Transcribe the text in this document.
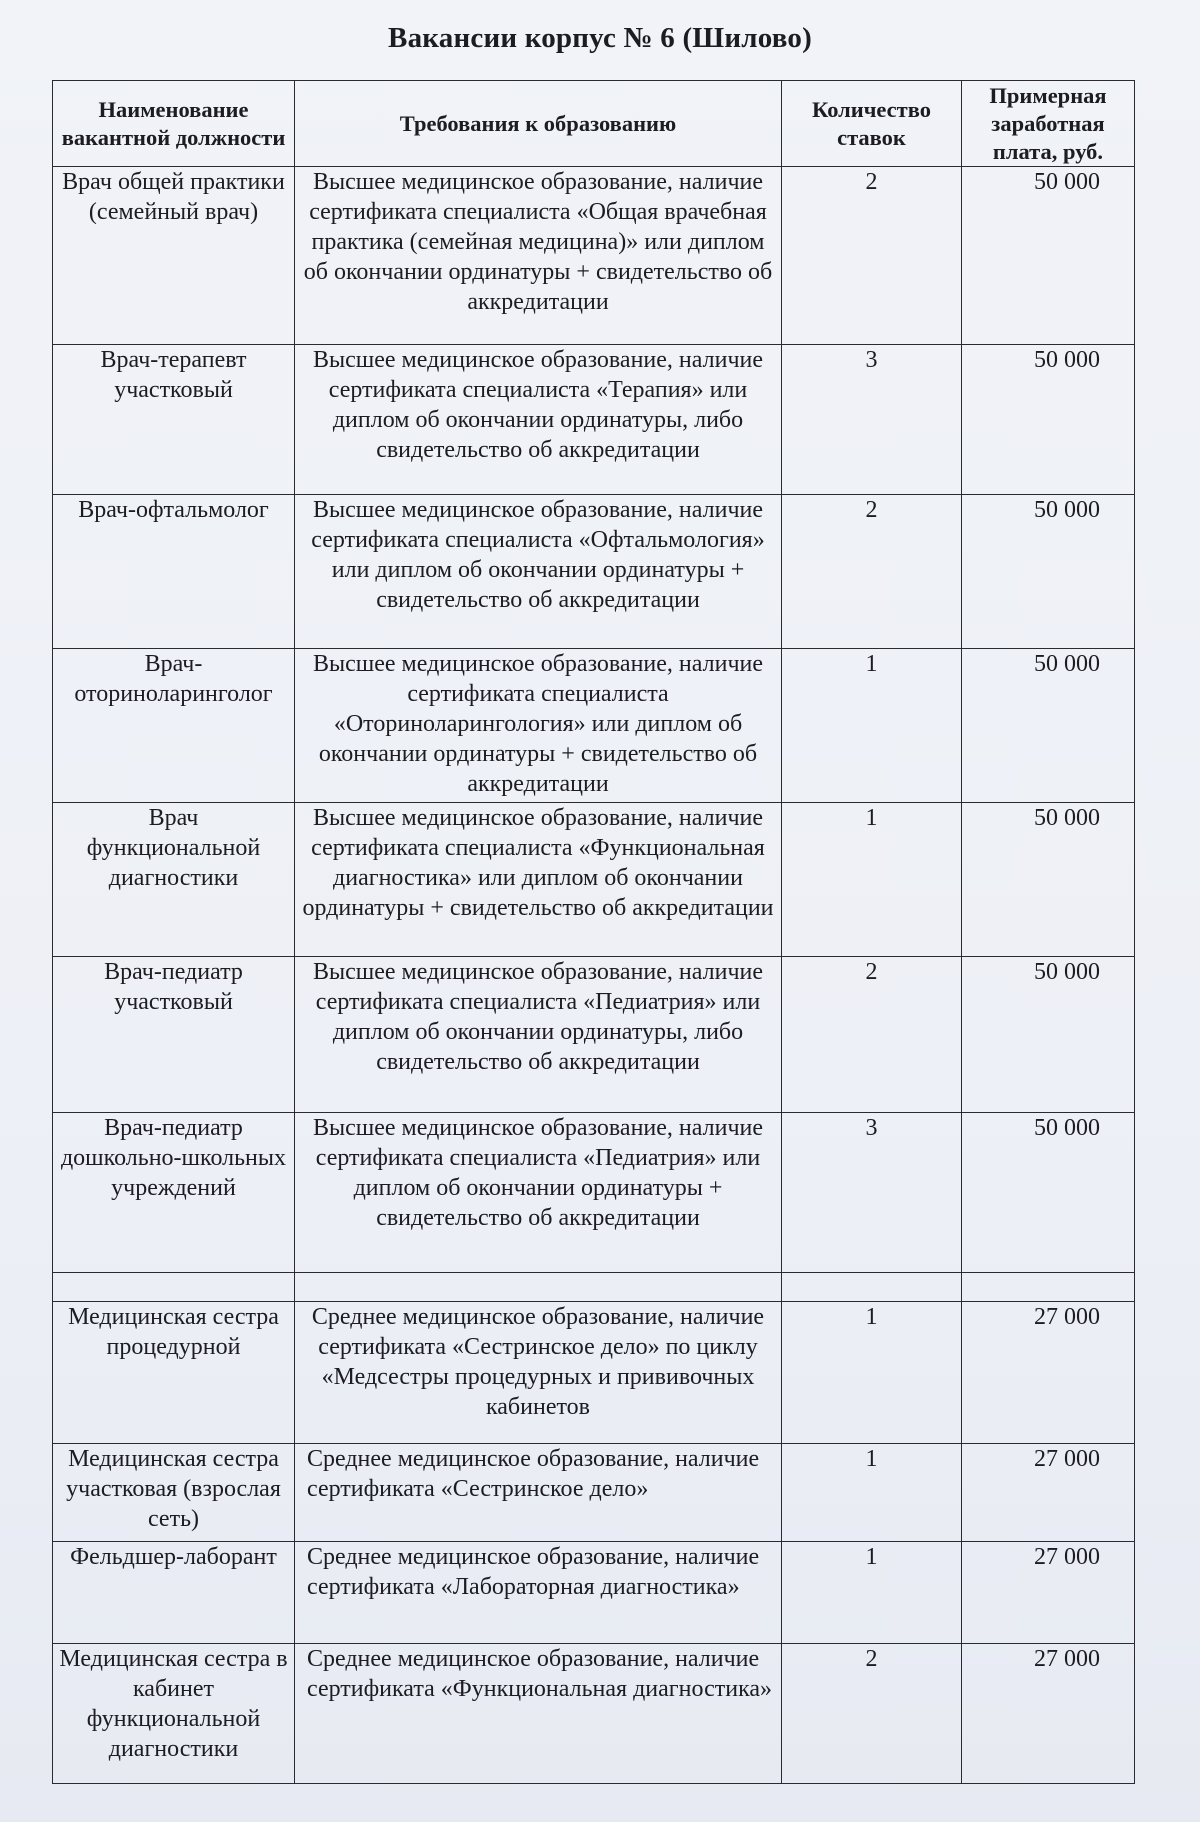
Вакансии корпус № 6 (Шилово)
Наименование вакантной должности	Требования к образованию	Количество ставок	Примерная заработная плата, руб.
Врач общей практики (семейный врач)	Высшее медицинское образование, наличие сертификата специалиста «Общая врачебная практика (семейная медицина)» или диплом об окончании ординатуры + свидетельство об аккредитации	2	50 000
Врач-терапевт участковый	Высшее медицинское образование, наличие сертификата специалиста «Терапия» или диплом об окончании ординатуры, либо свидетельство об аккредитации	3	50 000
Врач-офтальмолог	Высшее медицинское образование, наличие сертификата специалиста «Офтальмология» или диплом об окончании ординатуры + свидетельство об аккредитации	2	50 000
Врач-оториноларинголог	Высшее медицинское образование, наличие сертификата специалиста «Оториноларингология» или диплом об окончании ординатуры + свидетельство об аккредитации	1	50 000
Врач функциональной диагностики	Высшее медицинское образование, наличие сертификата специалиста «Функциональная диагностика» или диплом об окончании ординатуры + свидетельство об аккредитации	1	50 000
Врач-педиатр участковый	Высшее медицинское образование, наличие сертификата специалиста «Педиатрия» или диплом об окончании ординатуры, либо свидетельство об аккредитации	2	50 000
Врач-педиатр дошкольно-школьных учреждений	Высшее медицинское образование, наличие сертификата специалиста «Педиатрия» или диплом об окончании ординатуры + свидетельство об аккредитации	3	50 000

Медицинская сестра процедурной	Среднее медицинское образование, наличие сертификата «Сестринское дело» по циклу «Медсестры процедурных и прививочных кабинетов	1	27 000
Медицинская сестра участковая (взрослая сеть)	Среднее медицинское образование, наличие сертификата «Сестринское дело»	1	27 000
Фельдшер-лаборант	Среднее медицинское образование, наличие сертификата «Лабораторная диагностика»	1	27 000
Медицинская сестра в кабинет функциональной диагностики	Среднее медицинское образование, наличие сертификата «Функциональная диагностика»	2	27 000
